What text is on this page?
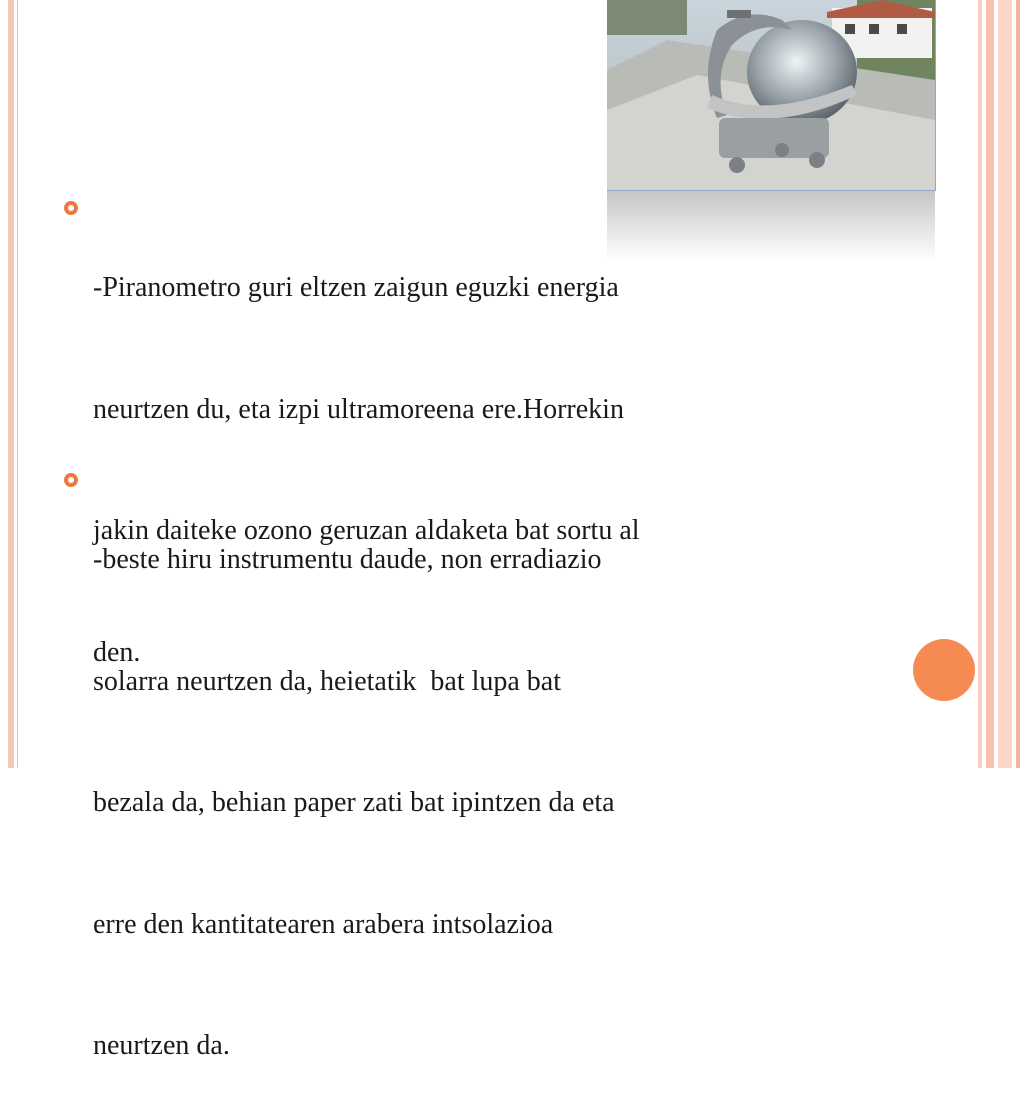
-Piranometro guri eltzen zaigun eguzki energia

neurtzen du, eta izpi ultramoreena ere.Horrekin

jakin daiteke ozono geruzan aldaketa bat sortu al

den.

-beste hiru instrumentu daude, non erradiazio

solarra neurtzen da, heietatik  bat lupa bat

bezala da, behian paper zati bat ipintzen da eta

erre den kantitatearen arabera intsolazioa

neurtzen da.
